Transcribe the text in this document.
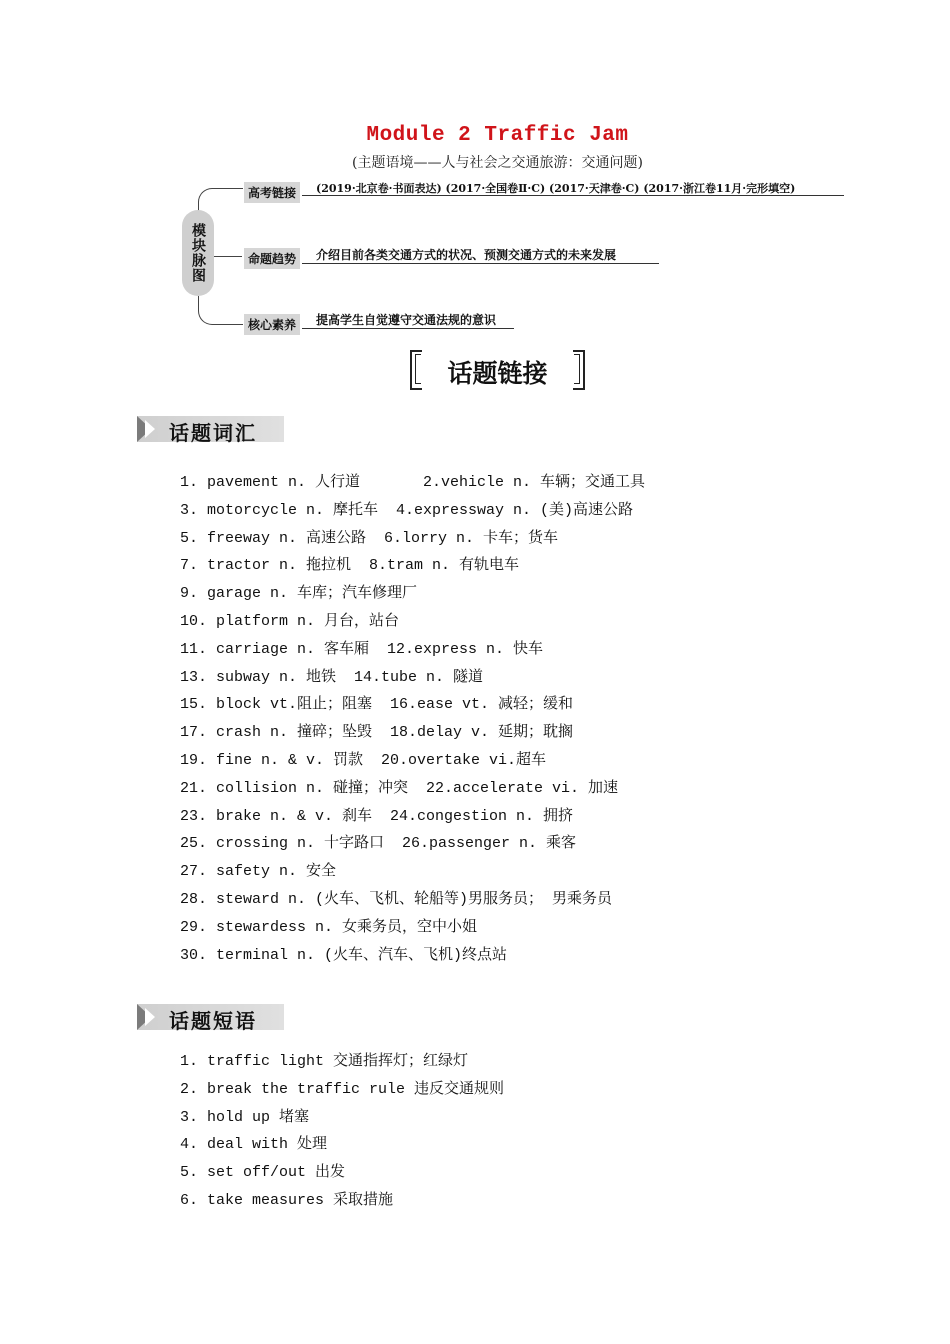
Module 2 Traffic Jam
(主题语境——人与社会之交通旅游：交通问题)
模块脉图
高考链接	(2019·北京卷·书面表达) (2017·全国卷Ⅱ·C) (2017·天津卷·C) (2017·浙江卷11月·完形填空)
命题趋势	介绍目前各类交通方式的状况、预测交通方式的未来发展
核心素养	提高学生自觉遵守交通法规的意识
话题链接
话题词汇
1. pavement n. 人行道       2.vehicle n. 车辆；交通工具
3. motorcycle n. 摩托车  4.expressway n. (美)高速公路
5. freeway n. 高速公路  6.lorry n. 卡车；货车
7. tractor n. 拖拉机  8.tram n. 有轨电车
9. garage n. 车库；汽车修理厂
10. platform n. 月台，站台
11. carriage n. 客车厢  12.express n. 快车
13. subway n. 地铁  14.tube n. 隧道
15. block vt.阻止；阻塞  16.ease vt. 减轻；缓和
17. crash n. 撞碎；坠毁  18.delay v. 延期；耽搁
19. fine n. & v. 罚款  20.overtake vi.超车
21. collision n. 碰撞；冲突  22.accelerate vi. 加速
23. brake n. & v. 刹车  24.congestion n. 拥挤
25. crossing n. 十字路口  26.passenger n. 乘客
27. safety n. 安全
28. steward n. (火车、飞机、轮船等)男服务员； 男乘务员
29. stewardess n. 女乘务员，空中小姐
30. terminal n. (火车、汽车、飞机)终点站
话题短语
1. traffic light 交通指挥灯；红绿灯
2. break the traffic rule 违反交通规则
3. hold up 堵塞
4. deal with 处理
5. set off/out 出发
6. take measures 采取措施
